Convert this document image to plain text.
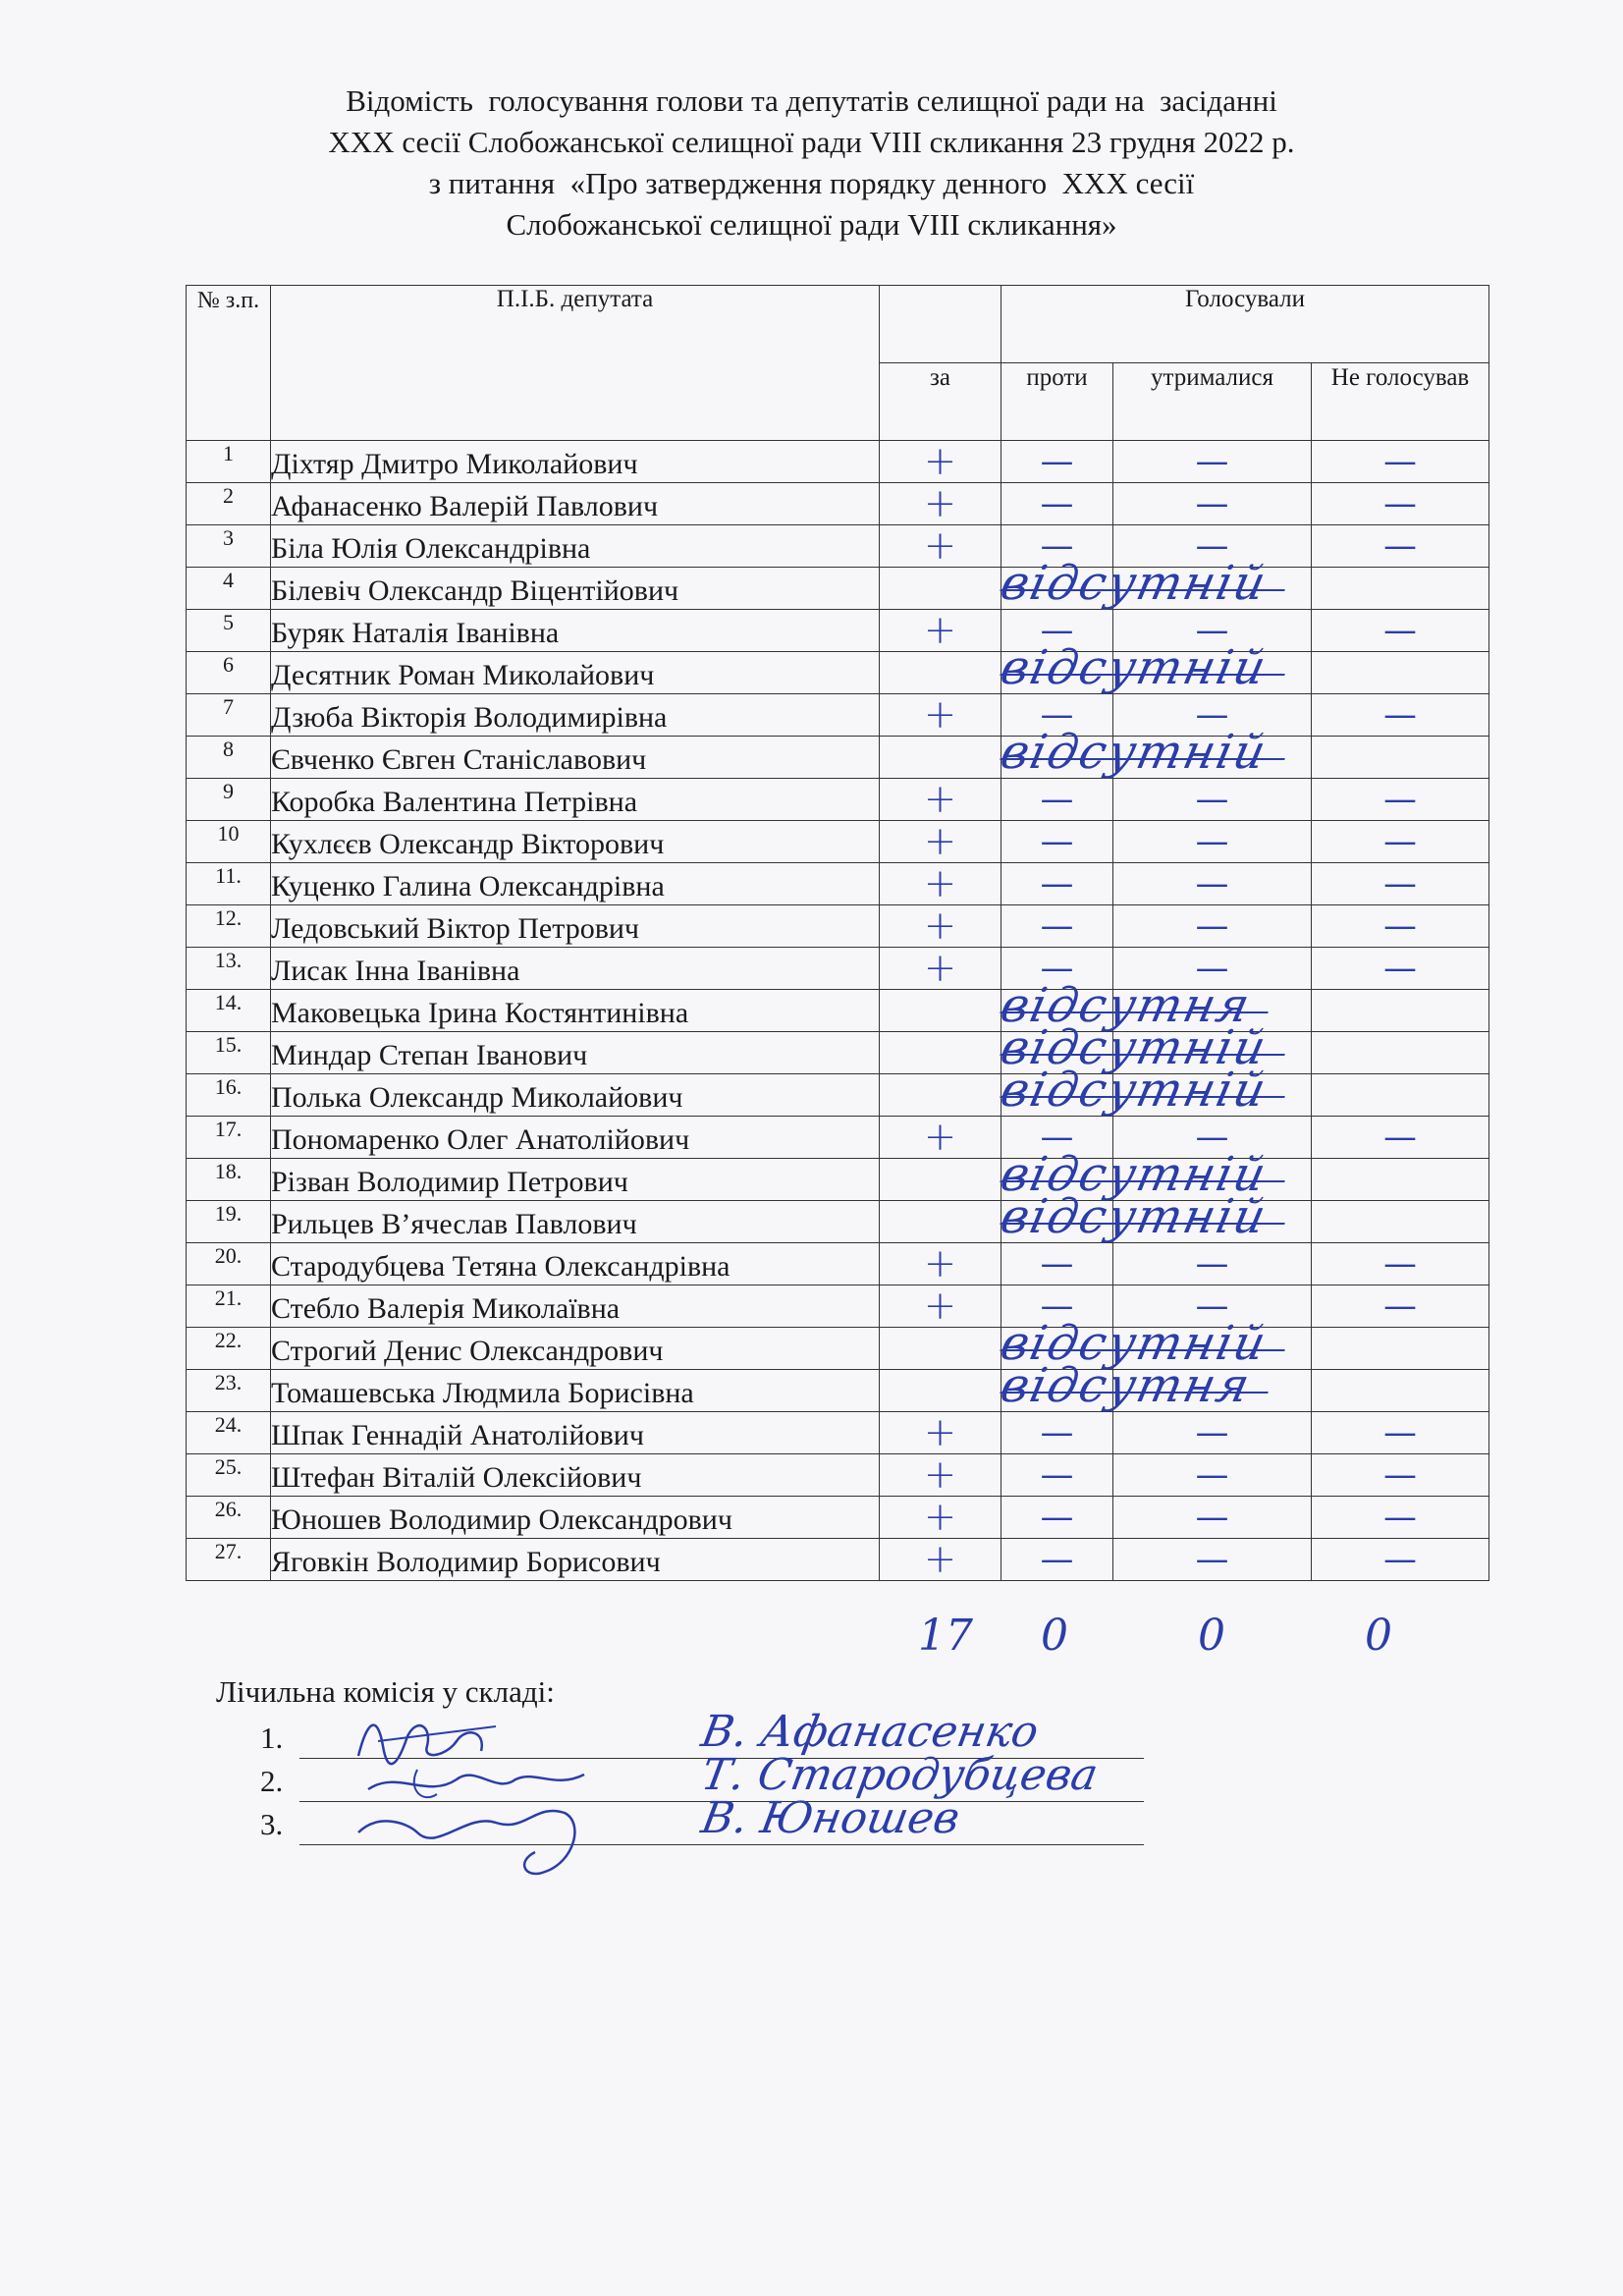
Відомість  голосування голови та депутатів селищної ради на  засіданні
XXX сесії Слобожанської селищної ради VIII скликання 23 грудня 2022 р.
з питання  «Про затвердження порядку денного  XXX сесії
Слобожанської селищної ради VIII скликання»
№ з.п.	П.І.Б. депутата		Голосували		
		за	проти	утрималися	Не голосував
1	Діхтяр Дмитро Миколайович	+	—	—	—
2	Афанасенко Валерій Павлович	+	—	—	—
3	Біла Юлія Олександрівна	+	—	—	—
4	Білевіч Олександр Віцентійович		відсутній		

5	Буряк Наталія Іванівна	+	—	—	—
6	Десятник Роман Миколайович		відсутній		

7	Дзюба Вікторія Володимирівна	+	—	—	—
8	Євченко Євген Станіславович		відсутній		

9	Коробка Валентина Петрівна	+	—	—	—
10	Кухлєєв Олександр Вікторович	+	—	—	—
11.	Куценко Галина Олександрівна	+	—	—	—
12.	Ледовський Віктор Петрович	+	—	—	—
13.	Лисак Інна Іванівна	+	—	—	—
14.	Маковецька Ірина Костянтинівна		відсутня		

15.	Миндар Степан Іванович		відсутній		

16.	Полька Олександр Миколайович		відсутній		

17.	Пономаренко Олег Анатолійович	+	—	—	—
18.	Різван Володимир Петрович		відсутній		

19.	Рильцев В’ячеслав Павлович		відсутній		

20.	Стародубцева Тетяна Олександрівна	+	—	—	—
21.	Стебло Валерія Миколаївна	+	—	—	—
22.	Строгий Денис Олександрович		відсутній		

23.	Томашевська Людмила Борисівна		відсутня		

24.	Шпак Геннадій Анатолійович	+	—	—	—
25.	Штефан Віталій Олексійович	+	—	—	—
26.	Юношев Володимир Олександрович	+	—	—	—
27.	Яговкін Володимир Борисович	+	—	—	—
17 0	0	0
Лічильна комісія у складі:
1.	В. Афанасенко
2.	Т. Стародубцева
3.	В. Юношев
